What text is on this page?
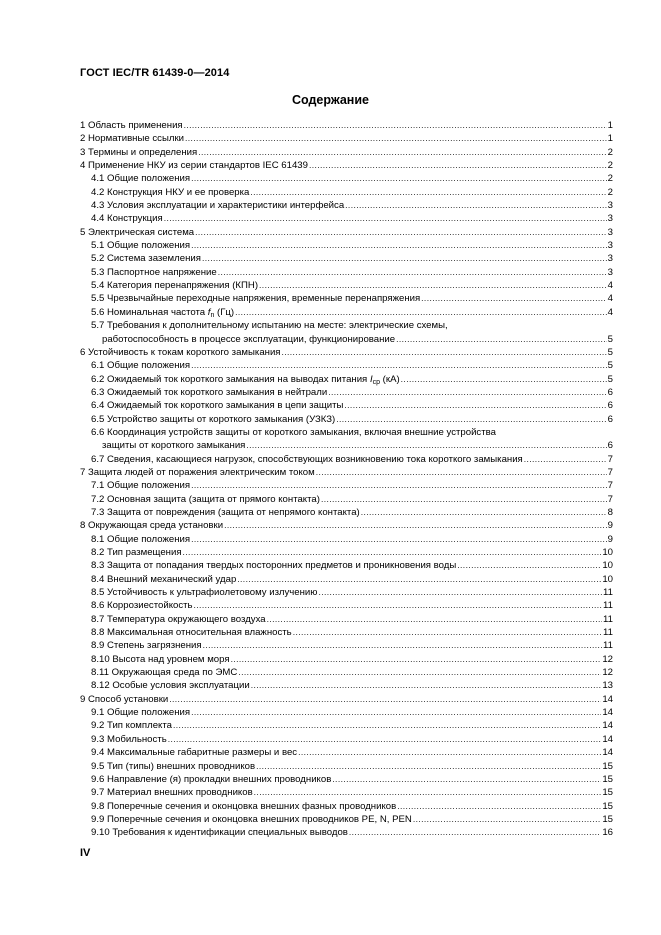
ГОСТ IEC/TR 61439-0—2014
Содержание
1 Область применения .....	1
2 Нормативные ссылки .....	1
3 Термины и определения .....	2
4 Применение НКУ из серии стандартов IEC 61439 .....	2
4.1 Общие положения .....	2
4.2 Конструкция НКУ и ее проверка .....	2
4.3 Условия эксплуатации и характеристики интерфейса .....	3
4.4 Конструкция .....	3
5 Электрическая система .....	3
5.1 Общие положения .....	3
5.2 Система заземления .....	3
5.3 Паспортное напряжение .....	3
5.4 Категория перенапряжения (КПН) .....	4
5.5 Чрезвычайные переходные напряжения, временные перенапряжения .....	4
5.6 Номинальная частота $f_n$ (Гц) .....	4
5.7 Требования к дополнительному испытанию на месте: электрические схемы,
работоспособность в процессе эксплуатации, функционирование .....	5
6 Устойчивость к токам короткого замыкания .....	5
6.1 Общие положения .....	5
6.2 Ожидаемый ток короткого замыкания на выводах питания $I_{cp}$ (кА) .....	5
6.3 Ожидаемый ток короткого замыкания в нейтрали .....	6
6.4 Ожидаемый ток короткого замыкания в цепи защиты .....	6
6.5 Устройство защиты от короткого замыкания (УЗКЗ) .....	6
6.6 Координация устройств защиты от короткого замыкания, включая внешние устройства
защиты от короткого замыкания .....	6
6.7 Сведения, касающиеся нагрузок, способствующих возникновению тока короткого замыкания .....	7
7 Защита людей от поражения электрическим током .....	7
7.1 Общие положения .....	7
7.2 Основная защита (защита от прямого контакта) .....	7
7.3 Защита от повреждения (защита от непрямого контакта) .....	8
8 Окружающая среда установки .....	9
8.1 Общие положения .....	9
8.2 Тип размещения .....	10
8.3 Защита от попадания твердых посторонних предметов и проникновения воды .....	10
8.4 Внешний механический удар .....	10
8.5 Устойчивость к ультрафиолетовому излучению .....	11
8.6 Коррозиестойкость .....	11
8.7 Температура окружающего воздуха .....	11
8.8 Максимальная относительная влажность .....	11
8.9 Степень загрязнения .....	11
8.10 Высота над уровнем моря .....	12
8.11 Окружающая среда по ЭМС .....	12
8.12 Особые условия эксплуатации .....	13
9 Способ установки .....	14
9.1 Общие положения .....	14
9.2 Тип комплекта .....	14
9.3 Мобильность .....	14
9.4 Максимальные габаритные размеры и вес .....	14
9.5 Тип (типы) внешних проводников .....	15
9.6 Направление (я) прокладки внешних проводников .....	15
9.7 Материал внешних проводников .....	15
9.8 Поперечные сечения и оконцовка внешних фазных проводников .....	15
9.9 Поперечные сечения и оконцовка внешних проводников PE, N, PEN .....	15
9.10 Требования к идентификации специальных выводов .....	16
IV
